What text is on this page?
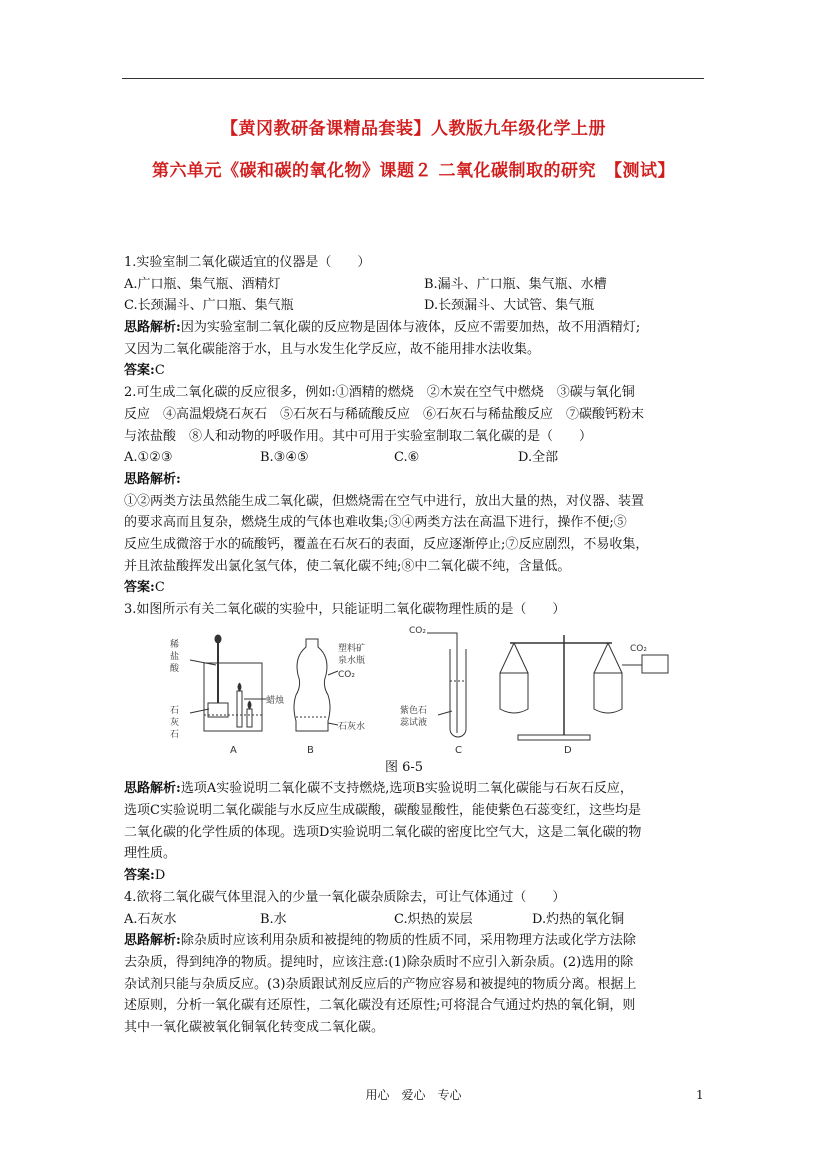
【黄冈教研备课精品套装】人教版九年级化学上册
第六单元《碳和碳的氧化物》课题２ 二氧化碳制取的研究　【测试】
1.实验室制二氧化碳适宜的仪器是（　　）
A.广口瓶、集气瓶、酒精灯	B.漏斗、广口瓶、集气瓶、水槽
C.长颈漏斗、广口瓶、集气瓶	D.长颈漏斗、大试管、集气瓶
思路解析:因为实验室制二氧化碳的反应物是固体与液体，反应不需要加热，故不用酒精灯;
又因为二氧化碳能溶于水，且与水发生化学反应，故不能用排水法收集。
答案:C
2.可生成二氧化碳的反应很多，例如:①酒精的燃烧　②木炭在空气中燃烧　③碳与氧化铜
反应　④高温煅烧石灰石　⑤石灰石与稀硫酸反应　⑥石灰石与稀盐酸反应　⑦碳酸钙粉末
与浓盐酸　⑧人和动物的呼吸作用。其中可用于实验室制取二氧化碳的是（　　）
A.①②③	B.③④⑤	C.⑥	D.全部
思路解析:
①②两类方法虽然能生成二氧化碳，但燃烧需在空气中进行，放出大量的热，对仪器、装置
的要求高而且复杂，燃烧生成的气体也难收集;③④两类方法在高温下进行，操作不便;⑤
反应生成微溶于水的硫酸钙，覆盖在石灰石的表面，反应逐渐停止;⑦反应剧烈，不易收集，
并且浓盐酸挥发出氯化氢气体，使二氧化碳不纯;⑧中二氧化碳不纯，含量低。
答案:C
3.如图所示有关二氧化碳的实验中，只能证明二氧化碳物理性质的是（　　）
稀
盐
酸
蜡烛
石
灰
石
A
塑料矿
泉水瓶
CO₂
石灰水
B
CO₂
紫色石
蕊试液
C
CO₂
D
图 6-5
思路解析:选项A实验说明二氧化碳不支持燃烧,选项B实验说明二氧化碳能与石灰石反应，
选项C实验说明二氧化碳能与水反应生成碳酸，碳酸显酸性，能使紫色石蕊变红，这些均是
二氧化碳的化学性质的体现。选项D实验说明二氧化碳的密度比空气大，这是二氧化碳的物
理性质。
答案:D
4.欲将二氧化碳气体里混入的少量一氧化碳杂质除去，可让气体通过（　　）
A.石灰水	B.水	C.炽热的炭层	D.灼热的氧化铜
思路解析:除杂质时应该利用杂质和被提纯的物质的性质不同，采用物理方法或化学方法除
去杂质，得到纯净的物质。提纯时，应该注意:(1)除杂质时不应引入新杂质。(2)选用的除
杂试剂只能与杂质反应。(3)杂质跟试剂反应后的产物应容易和被提纯的物质分离。根据上
述原则，分析一氧化碳有还原性，二氧化碳没有还原性;可将混合气通过灼热的氧化铜，则
其中一氧化碳被氧化铜氧化转变成二氧化碳。
用心　爱心　专心	1
